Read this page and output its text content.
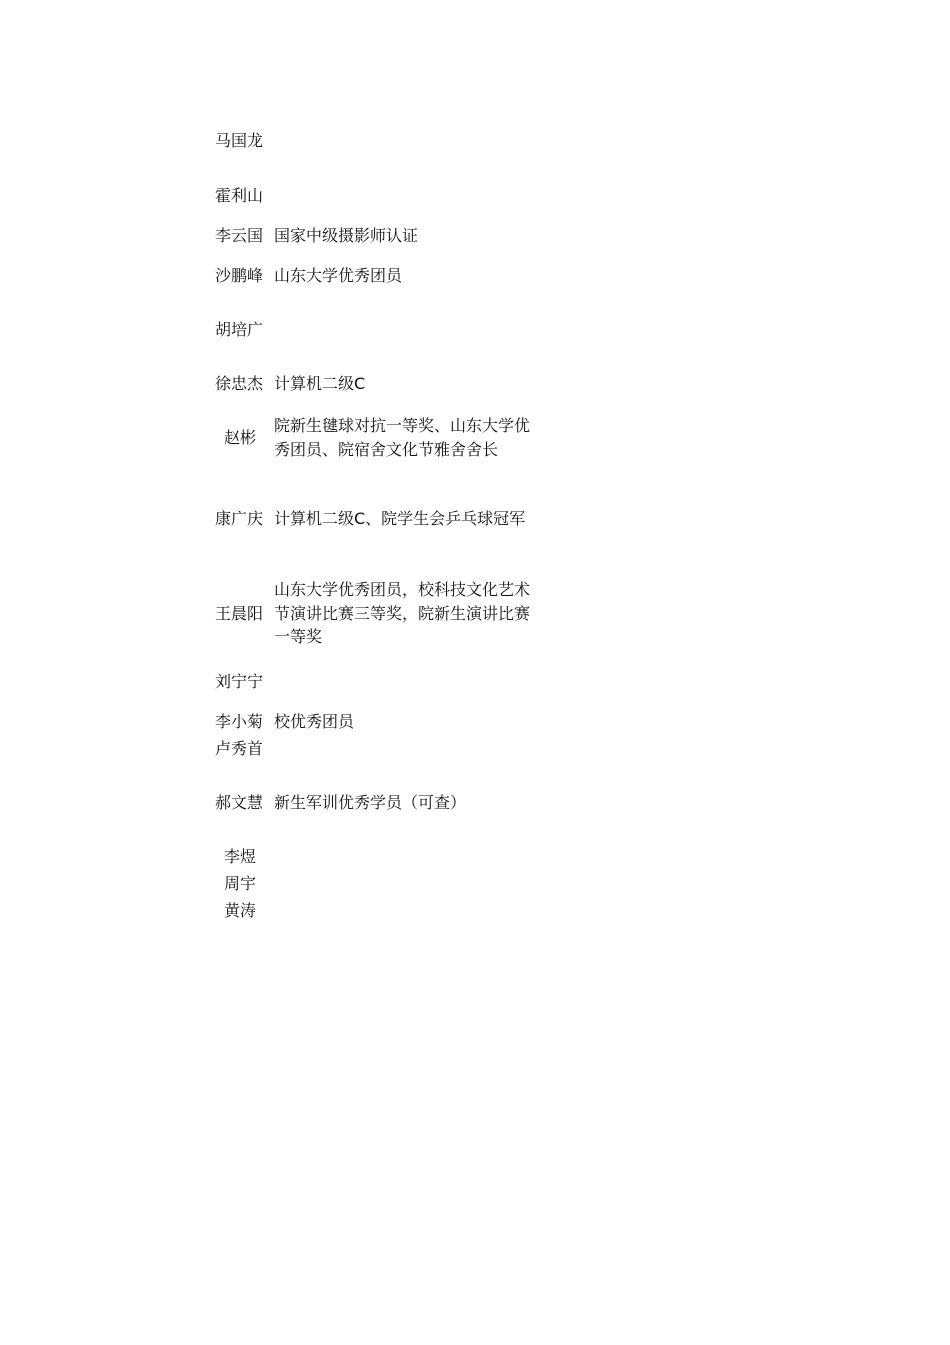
马国龙
霍利山
李云国 国家中级摄影师认证
沙鹏峰 山东大学优秀团员
胡培广
徐忠杰 计算机二级C
赵彬
院新生毽球对抗一等奖、山东大学优
秀团员、院宿舍文化节雅舍舍长
康广庆 计算机二级C、院学生会乒乓球冠军
王晨阳
山东大学优秀团员，校科技文化艺术
节演讲比赛三等奖，院新生演讲比赛
一等奖
刘宁宁
李小菊 校优秀团员
卢秀首
郝文慧 新生军训优秀学员（可查）
李煜
周宇
黄涛
